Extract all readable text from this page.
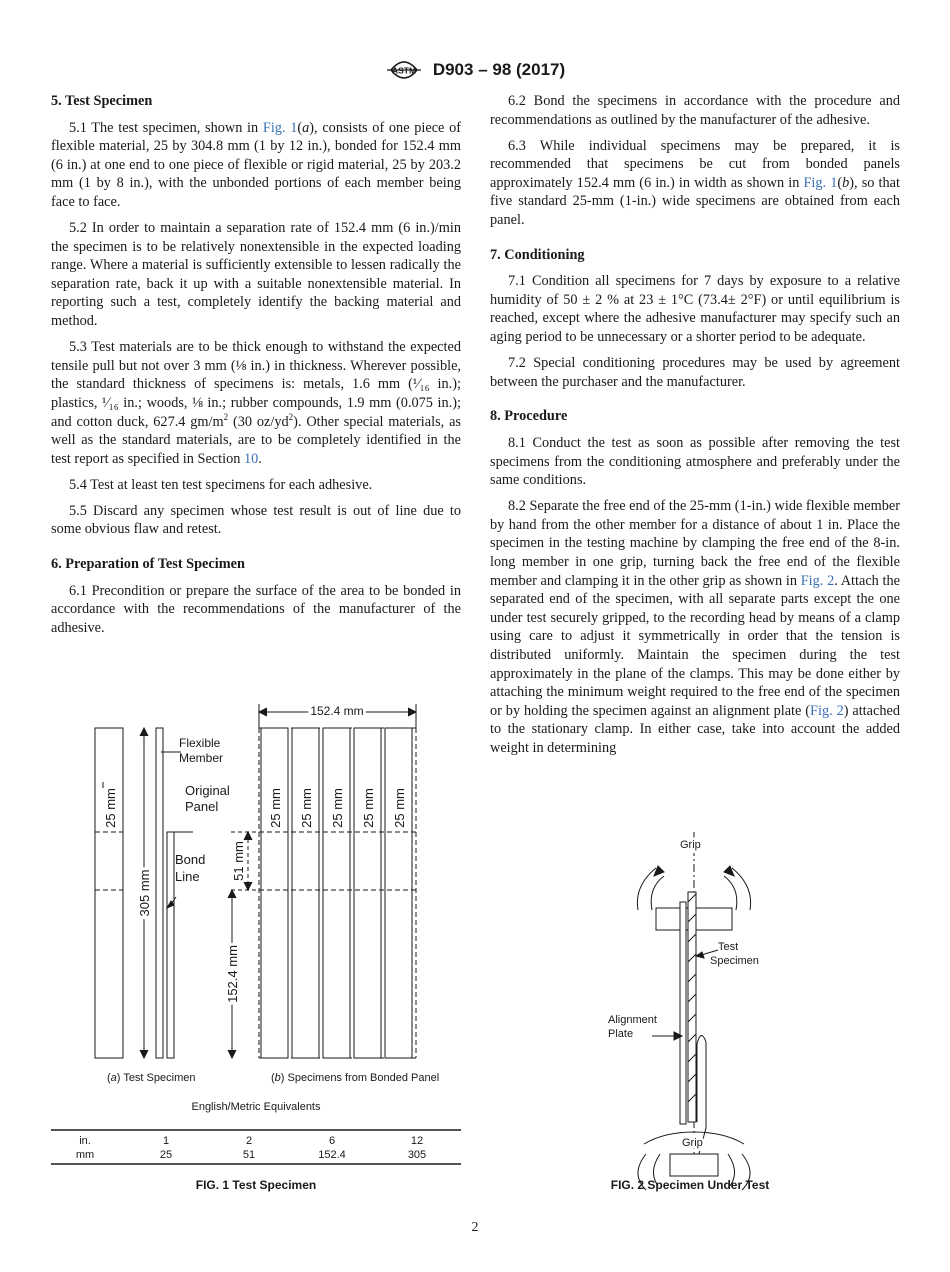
ASTM D903 – 98 (2017)
5. Test Specimen

5.1 The test specimen, shown in Fig. 1(a), consists of one piece of flexible material, 25 by 304.8 mm (1 by 12 in.), bonded for 152.4 mm (6 in.) at one end to one piece of flexible or rigid material, 25 by 203.2 mm (1 by 8 in.), with the unbonded portions of each member being face to face.

5.2 In order to maintain a separation rate of 152.4 mm (6 in.)/min the specimen is to be relatively nonextensible in the expected loading range. Where a material is sufficiently extensible to lessen radically the separation rate, back it up with a suitable nonextensible material. In reporting such a test, completely identify the backing material and method.

5.3 Test materials are to be thick enough to withstand the expected tensile pull but not over 3 mm (⅛ in.) in thickness. Wherever possible, the standard thickness of specimens is: metals, 1.6 mm (¹⁄₁₆ in.); plastics, ¹⁄₁₆ in.; woods, ⅛ in.; rubber compounds, 1.9 mm (0.075 in.); and cotton duck, 627.4 $gm/m^2$ (30 $oz/yd^2$). Other special materials, as well as the standard materials, are to be completely identified in the test report as specified in Section 10.

5.4 Test at least ten test specimens for each adhesive.

5.5 Discard any specimen whose test result is out of line due to some obvious flaw and retest.

6. Preparation of Test Specimen

6.1 Precondition or prepare the surface of the area to be bonded in accordance with the recommendations of the manufacturer of the adhesive.

6.2 Bond the specimens in accordance with the procedure and recommendations as outlined by the manufacturer of the adhesive.

6.3 While individual specimens may be prepared, it is recommended that specimens be cut from bonded panels approximately 152.4 mm (6 in.) in width as shown in Fig. 1(b), so that five standard 25-mm (1-in.) wide specimens are obtained from each panel.

7. Conditioning

7.1 Condition all specimens for 7 days by exposure to a relative humidity of 50 ± 2 % at 23 ± 1°C (73.4± 2°F) or until equilibrium is reached, except where the adhesive manufacturer may specify such an aging period to be unnecessary or a shorter period to be adequate.

7.2 Special conditioning procedures may be used by agreement between the purchaser and the manufacturer.

8. Procedure

8.1 Conduct the test as soon as possible after removing the test specimens from the conditioning atmosphere and preferably under the same conditions.

8.2 Separate the free end of the 25-mm (1-in.) wide flexible member by hand from the other member for a distance of about 1 in. Place the specimen in the testing machine by clamping the free end of the 8-in. long member in one grip, turning back the free end of the flexible member and clamping it in the other grip as shown in Fig. 2. Attach the separated end of the specimen, with all separate parts except the one under test securely gripped, to the recording head by means of a clamp using care to adjust it symmetrically in order that the tension is distributed uniformly. Maintain the specimen during the test approximately in the plane of the clamps. This may be done either by attaching the minimum weight required to the free end of the specimen or by holding the specimen against an alignment plate (Fig. 2) attached to the stationary clamp. In either case, take into account the added weight in determining

152.4 mm
Flexible
Member
Original
Panel
Bond
Line
25 mm
305 mm
51 mm
152.4 mm
25 mm 25 mm 25 mm 25 mm 25 mm
(a) Test Specimen	(b) Specimens from Bonded Panel
English/Metric Equivalents
in.	1	2	6	12
mm	25	51	152.4	305
FIG. 1 Test Specimen
Grip
Test
Specimen
Alignment
Plate
Grip
FIG. 2 Specimen Under Test
2
